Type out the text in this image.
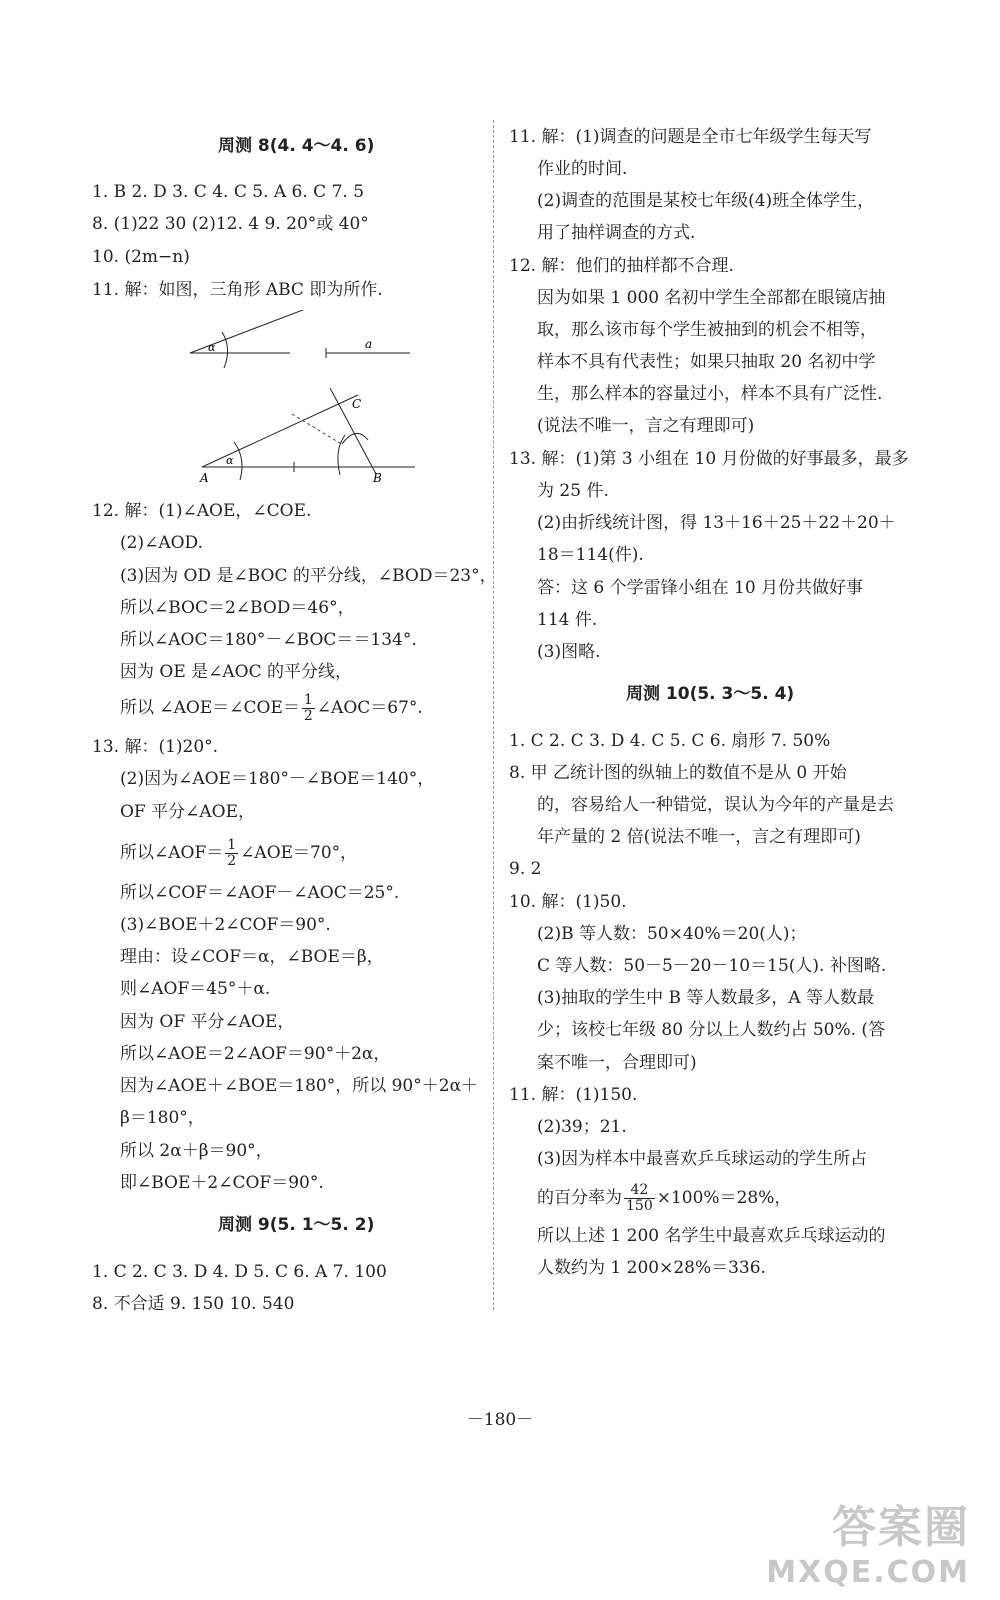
周测 8(4. 4～4. 6)
1. B 2. D 3. C 4. C 5. A 6. C 7. 5
8. (1)22 30 (2)12. 4 9. 20°或 40°
10. (2m−n)
11. 解：如图，三角形 ABC 即为所作.
α	a
α
A	B
C
12. 解：(1)∠AOE，∠COE.
(2)∠AOD.
(3)因为 OD 是∠BOC 的平分线，∠BOD＝23°，
所以∠BOC＝2∠BOD＝46°，
所以∠AOC＝180°－∠BOC＝＝134°.
因为 OE 是∠AOC 的平分线，
所以 ∠AOE＝∠COE＝ $\frac{1}{2}$ ∠AOC＝67°.
13. 解：(1)20°.
(2)因为∠AOE＝180°－∠BOE＝140°，
OF 平分∠AOE，
所以∠AOF＝ $\frac{1}{2}$ ∠AOE＝70°，
所以∠COF＝∠AOF－∠AOC＝25°.
(3)∠BOE＋2∠COF＝90°.
理由：设∠COF＝α，∠BOE＝β，
则∠AOF＝45°＋α.
因为 OF 平分∠AOE，
所以∠AOE＝2∠AOF＝90°＋2α，
因为∠AOE＋∠BOE＝180°，所以 90°＋2α＋
β＝180°，
所以 2α＋β＝90°，
即∠BOE＋2∠COF＝90°.
周测 9(5. 1～5. 2)
1. C 2. C 3. D 4. D 5. C 6. A 7. 100
8. 不合适 9. 150 10. 540
11. 解：(1)调查的问题是全市七年级学生每天写
作业的时间.
(2)调查的范围是某校七年级(4)班全体学生，
用了抽样调查的方式.
12. 解：他们的抽样都不合理.
因为如果 1 000 名初中学生全部都在眼镜店抽
取，那么该市每个学生被抽到的机会不相等，
样本不具有代表性；如果只抽取 20 名初中学
生，那么样本的容量过小，样本不具有广泛性.
(说法不唯一，言之有理即可)
13. 解：(1)第 3 小组在 10 月份做的好事最多，最多
为 25 件.
(2)由折线统计图，得 13＋16＋25＋22＋20＋
18＝114(件).
答：这 6 个学雷锋小组在 10 月份共做好事
114 件.
(3)图略.
周测 10(5. 3～5. 4)
1. C 2. C 3. D 4. C 5. C 6. 扇形 7. 50%
8. 甲 乙统计图的纵轴上的数值不是从 0 开始
的，容易给人一种错觉，误认为今年的产量是去
年产量的 2 倍(说法不唯一，言之有理即可)
9. 2
10. 解：(1)50.
(2)B 等人数：50×40%＝20(人)；
C 等人数：50－5－20－10＝15(人). 补图略.
(3)抽取的学生中 B 等人数最多，A 等人数最
少；该校七年级 80 分以上人数约占 50%. (答
案不唯一，合理即可)
11. 解：(1)150.
(2)39；21.
(3)因为样本中最喜欢乒乓球运动的学生所占
的百分率为 $\frac{42}{150} \times 100\%=28\%$，
所以上述 1 200 名学生中最喜欢乒乓球运动的
人数约为 1 200×28%＝336.
－180－
答案圈
MXQE.COM
